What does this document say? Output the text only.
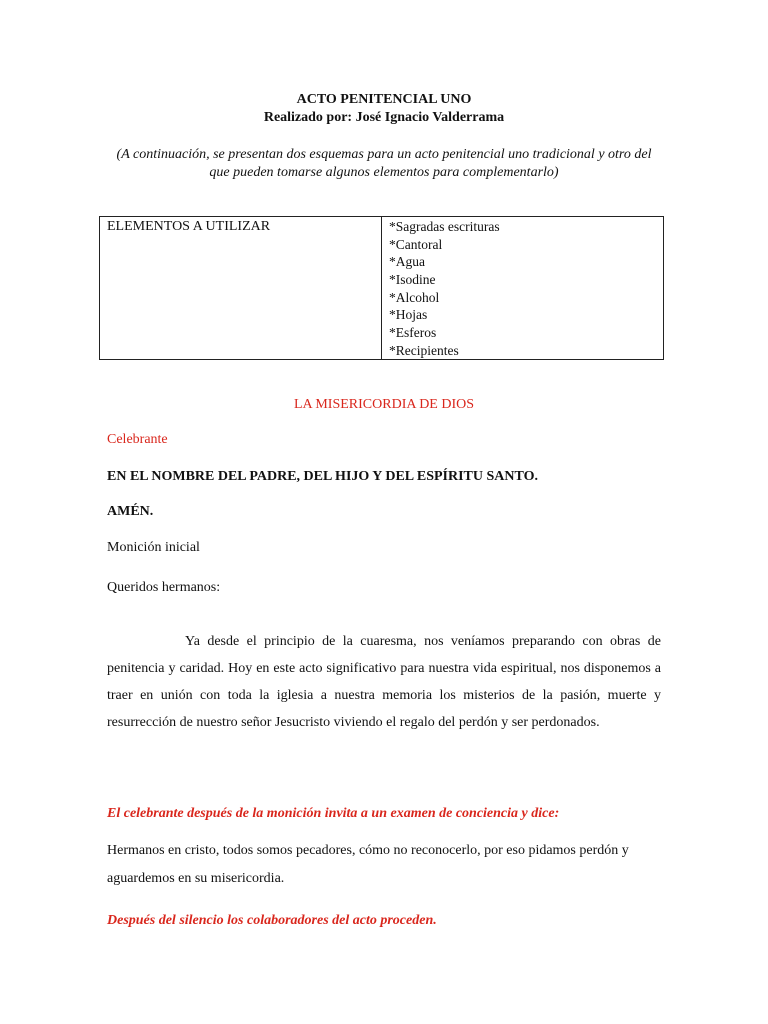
ACTO PENITENCIAL UNO
Realizado por: José Ignacio Valderrama
(A continuación, se presentan dos esquemas para un acto penitencial uno tradicional y otro del que pueden tomarse algunos elementos para complementarlo)
ELEMENTOS A UTILIZAR	*Sagradas escrituras
*Cantoral
*Agua
*Isodine
*Alcohol
*Hojas
*Esferos
*Recipientes
LA MISERICORDIA DE DIOS
Celebrante
EN EL NOMBRE DEL PADRE, DEL HIJO Y DEL ESPÍRITU SANTO.
AMÉN.
Monición inicial
Queridos hermanos:
Ya desde el principio de la cuaresma, nos veníamos preparando con obras de penitencia y caridad. Hoy en este acto significativo para nuestra vida espiritual, nos disponemos a traer en unión con toda la iglesia a nuestra memoria los misterios de la pasión, muerte y resurrección de nuestro señor Jesucristo viviendo el regalo del perdón y ser perdonados.
El celebrante después de la monición invita a un examen de conciencia y dice:
Hermanos en cristo, todos somos pecadores, cómo no reconocerlo, por eso pidamos perdón y aguardemos en su misericordia.
Después del silencio los colaboradores del acto proceden.
